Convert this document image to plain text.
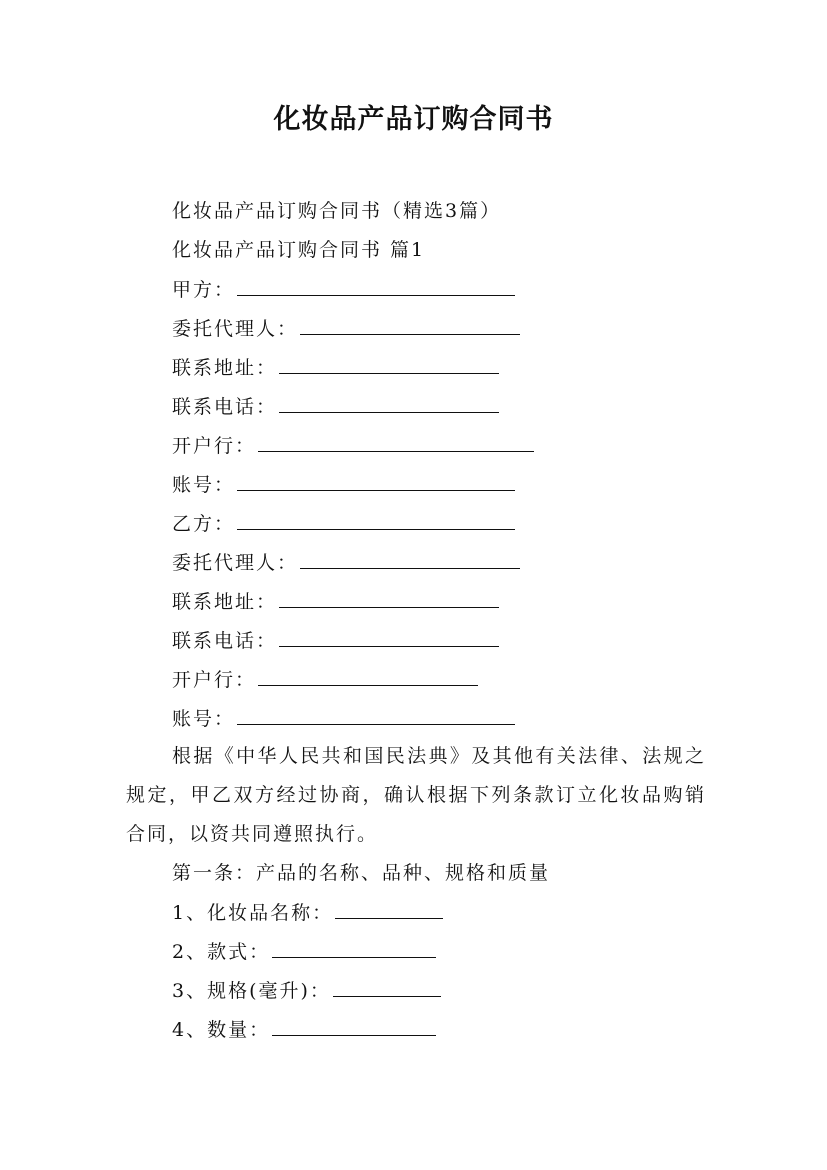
化妆品产品订购合同书
化妆品产品订购合同书（精选3篇）
化妆品产品订购合同书 篇1
甲方：
委托代理人：
联系地址：
联系电话：
开户行：
账号：
乙方：
委托代理人：
联系地址：
联系电话：
开户行：
账号：

根据《中华人民共和国民法典》及其他有关法律、法规之规定，甲乙双方经过协商，确认根据下列条款订立化妆品购销合同，以资共同遵照执行。

第一条：产品的名称、品种、规格和质量
1、化妆品名称：
2、款式：
3、规格(毫升)：
4、数量：
